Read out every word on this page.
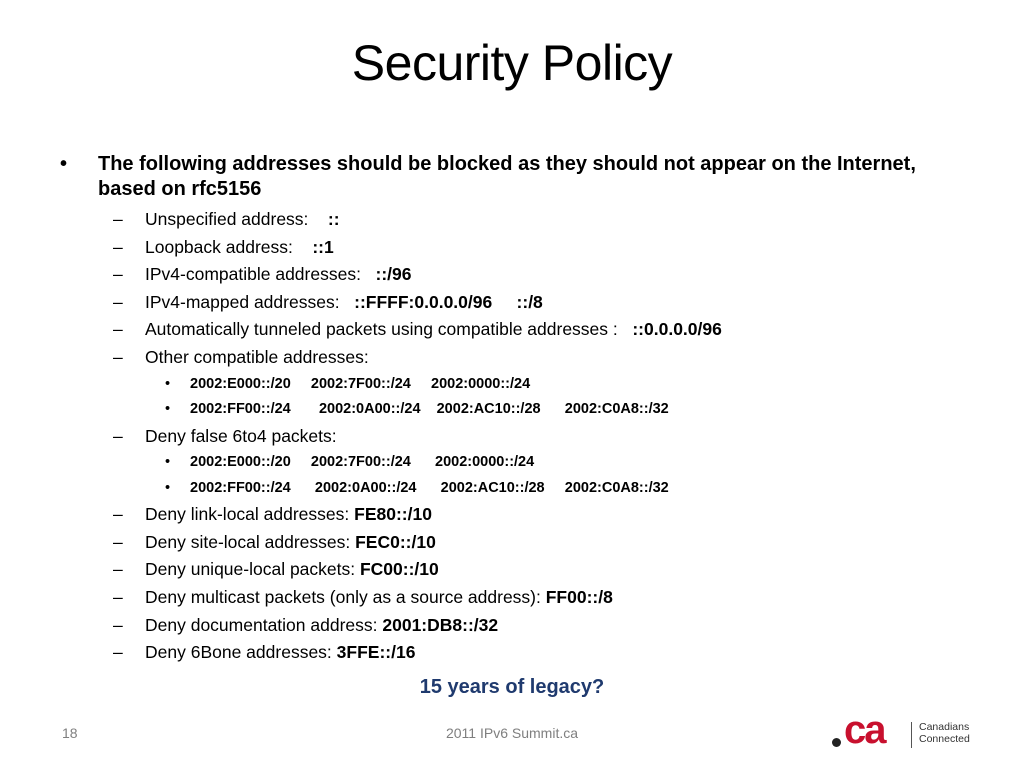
Security Policy
•	The following addresses should be blocked as they should not appear on the Internet, based on rfc5156
– Unspecified address:    ::
– Loopback address:    ::1
– IPv4-compatible addresses:   ::/96
– IPv4-mapped addresses:   ::FFFF:0.0.0.0/96     ::/8
– Automatically tunneled packets using compatible addresses :   ::0.0.0.0/96
– Other compatible addresses:
• 2002:E000::/20     2002:7F00::/24     2002:0000::/24
• 2002:FF00::/24       2002:0A00::/24    2002:AC10::/28      2002:C0A8::/32
– Deny false 6to4 packets:
• 2002:E000::/20     2002:7F00::/24      2002:0000::/24
• 2002:FF00::/24      2002:0A00::/24      2002:AC10::/28     2002:C0A8::/32
– Deny link-local addresses: FE80::/10
– Deny site-local addresses: FEC0::/10
– Deny unique-local packets: FC00::/10
– Deny multicast packets (only as a source address): FF00::/8
– Deny documentation address: 2001:DB8::/32
– Deny 6Bone addresses: 3FFE::/16
15 years of legacy?
2011 IPv6 Summit.ca
18	ca	Canadians
Connected
